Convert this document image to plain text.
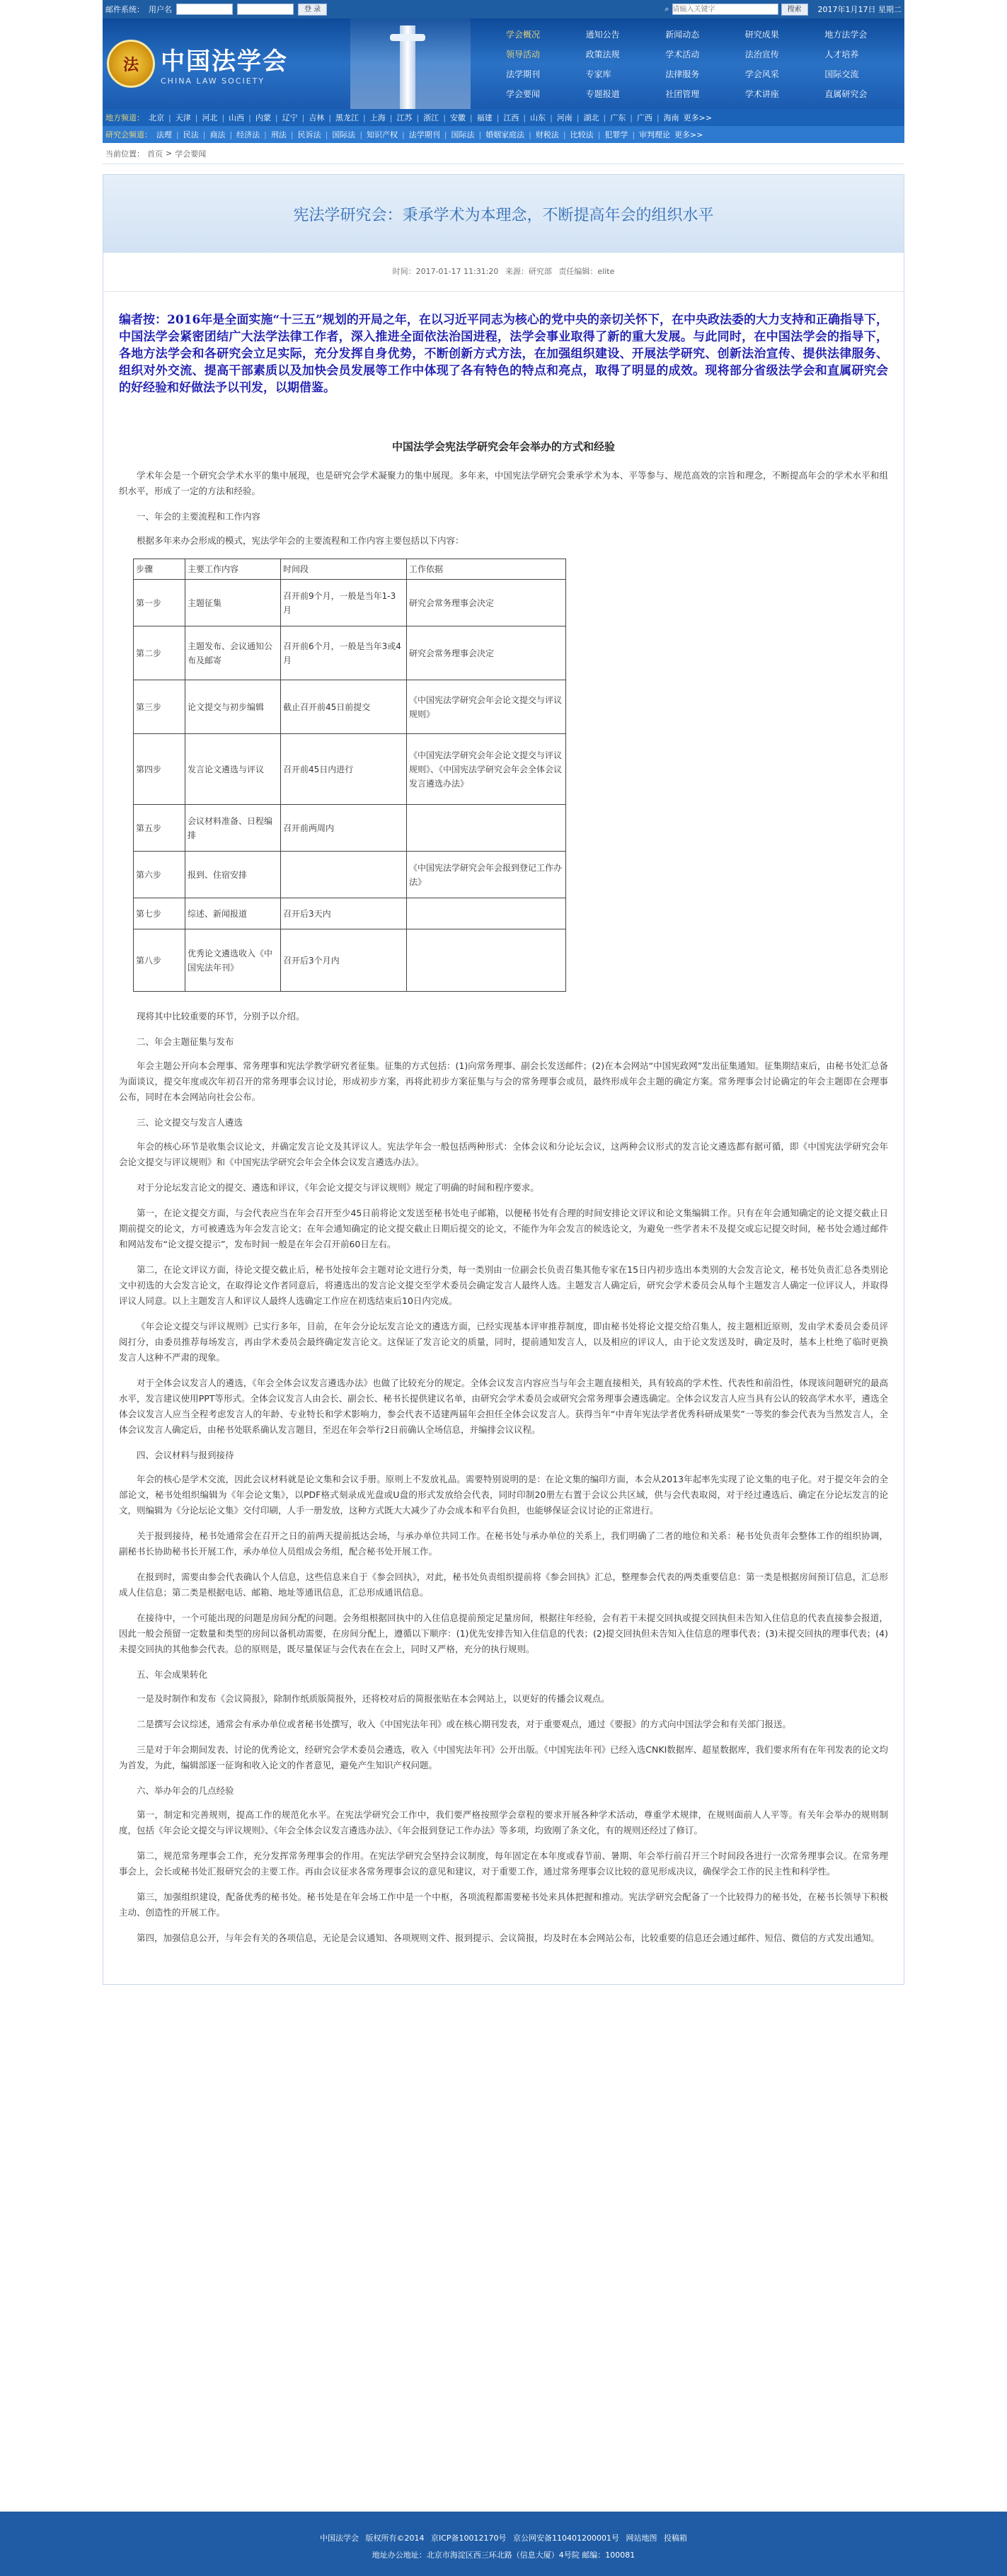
邮件系统： 用户名	登 录	⌕
请输入关键字	搜索	2017年1月17日 星期二
法 中国法学会
CHINA LAW SOCIETY
学会概况	通知公告	新闻动态	研究成果	地方法学会
领导活动	政策法规	学术活动	法治宣传	人才培养
法学期刊	专家库	法律服务	学会风采	国际交流
学会要闻	专题报道	社团管理	学术讲座	直属研究会
地方频道： 北京 | 天津 | 河北 | 山西 | 内蒙 | 辽宁 | 吉林 | 黑龙江 | 上海 | 江苏 | 浙江 | 安徽 | 福建 | 江西 | 山东 | 河南 | 湖北 | 广东 | 广西 | 海南 更多>>
研究会频道： 法理 | 民法 | 商法 | 经济法 | 刑法 | 民诉法 | 国际法 | 知识产权 | 法学期刊 | 国际法 | 婚姻家庭法 | 财税法 | 比较法 | 犯罪学 | 审判理论 更多>>
当前位置： 首页 > 学会要闻
宪法学研究会：秉承学术为本理念，不断提高年会的组织水平
时间：2017-01-17 11:31:20 来源：研究部 责任编辑：elite

编者按：2016年是全面实施“十三五”规划的开局之年，在以习近平同志为核心的党中央的亲切关怀下，在中央政法委的大力支持和正确指导下，中国法学会紧密团结广大法学法律工作者，深入推进全面依法治国进程，法学会事业取得了新的重大发展。与此同时，在中国法学会的指导下，各地方法学会和各研究会立足实际，充分发挥自身优势，不断创新方式方法，在加强组织建设、开展法学研究、创新法治宣传、提供法律服务、组织对外交流、提高干部素质以及加快会员发展等工作中体现了各有特色的特点和亮点，取得了明显的成效。现将部分省级法学会和直属研究会的好经验和好做法予以刊发，以期借鉴。

中国法学会宪法学研究会年会举办的方式和经验

学术年会是一个研究会学术水平的集中展现，也是研究会学术凝聚力的集中展现。多年来，中国宪法学研究会秉承学术为本、平等参与、规范高效的宗旨和理念，不断提高年会的学术水平和组织水平，形成了一定的方法和经验。

一、年会的主要流程和工作内容

根据多年来办会形成的模式，宪法学年会的主要流程和工作内容主要包括以下内容：

步骤	主要工作内容	时间段	工作依据
第一步	主题征集	召开前9个月，一般是当年1-3月	研究会常务理事会决定
第二步	主题发布、会议通知公布及邮寄	召开前6个月，一般是当年3或4月	研究会常务理事会决定
第三步	论文提交与初步编辑	截止召开前45日前提交	《中国宪法学研究会年会论文提交与评议规则》
第四步	发言论文遴选与评议	召开前45日内进行	《中国宪法学研究会年会论文提交与评议规则》、《中国宪法学研究会年会全体会议发言遴选办法》
第五步	会议材料准备、日程编排	召开前两周内	
第六步	报到、住宿安排		《中国宪法学研究会年会报到登记工作办法》
第七步	综述、新闻报道	召开后3天内	
第八步	优秀论文遴选收入《中国宪法年刊》	召开后3个月内	

现将其中比较重要的环节，分别予以介绍。

二、年会主题征集与发布

年会主题公开向本会理事、常务理事和宪法学教学研究者征集。征集的方式包括：(1)向常务理事、副会长发送邮件；(2)在本会网站“中国宪政网”发出征集通知。征集期结束后，由秘书处汇总备为面谈议，提交年度或次年初召开的常务理事会议讨论，形成初步方案，再将此初步方案征集与与会的常务理事会或员，最终形成年会主题的确定方案。常务理事会讨论确定的年会主题即在会理事公布，同时在本会网站向社会公布。

三、论文提交与发言人遴选

年会的核心环节是收集会议论文，并确定发言论文及其评议人。宪法学年会一般包括两种形式：全体会议和分论坛会议，这两种会议形式的发言论文遴选都有据可循，即《中国宪法学研究会年会论文提交与评议规则》和《中国宪法学研究会年会全体会议发言遴选办法》。

对于分论坛发言论文的提交、遴选和评议，《年会论文提交与评议规则》规定了明确的时间和程序要求。

第一，在论文提交方面，与会代表应当在年会召开至少45日前将论文发送至秘书处电子邮箱，以便秘书处有合理的时间安排论文评议和论文集编辑工作。只有在年会通知确定的论文提交截止日期前提交的论文，方可被遴选为年会发言论文；在年会通知确定的论文提交截止日期后提交的论文，不能作为年会发言的候选论文，为避免一些学者未不及提交或忘记提交时间，秘书处会通过邮件和网站发布“论文提交提示”，发布时间一般是在年会召开前60日左右。

第二，在论文评议方面，待论文提交截止后，秘书处按年会主题对论文进行分类，每一类别由一位副会长负责召集其他专家在15日内初步选出本类别的大会发言论文，秘书处负责汇总各类别论文中初选的大会发言论文，在取得论文作者同意后，将遴选出的发言论文提交至学术委员会确定发言人最终人选。主题发言人确定后，研究会学术委员会从每个主题发言人确定一位评议人，并取得评议人同意。以上主题发言人和评议人最终人选确定工作应在初选结束后10日内完成。

《年会论文提交与评议规则》已实行多年，目前，在年会分论坛发言论文的遴选方面，已经实现基本评审推荐制度，即由秘书处将论文提交给召集人，按主题相近原则，发由学术委员会委员评阅打分，由委员推荐每场发言，再由学术委员会最终确定发言论文。这保证了发言论文的质量，同时，提前通知发言人，以及相应的评议人，由于论文发送及时，确定及时，基本上杜绝了临时更换发言人这种不严肃的现象。

对于全体会议发言人的遴选，《年会全体会议发言遴选办法》也做了比较充分的规定。全体会议发言内容应当与年会主题直接相关，具有较高的学术性、代表性和前沿性，体现该问题研究的最高水平，发言建议使用PPT等形式。全体会议发言人由会长、副会长、秘书长提供建议名单，由研究会学术委员会或研究会常务理事会遴选确定。全体会议发言人应当具有公认的较高学术水平，遴选全体会议发言人应当全程考虑发言人的年龄、专业特长和学术影响力，参会代表不适建两届年会担任全体会议发言人。获得当年“中青年宪法学者优秀科研成果奖”一等奖的参会代表为当然发言人，全体会议发言人确定后，由秘书处联系确认发言题目，至迟在年会举行2日前确认全场信息，并编排会议议程。

四、会议材料与报到接待

年会的核心是学术交流，因此会议材料就是论文集和会议手册。原则上不发放礼品。需要特别说明的是：在论文集的编印方面，本会从2013年起率先实现了论文集的电子化。对于提交年会的全部论文，秘书处组织编辑为《年会论文集》，以PDF格式刻录成光盘或U盘的形式发放给会代表，同时印制20册左右置于会议公共区域，供与会代表取阅，对于经过遴选后、确定在分论坛发言的论文，则编辑为《分论坛论文集》交付印刷，人手一册发放，这种方式既大大减少了办会成本和平台负担，也能够保证会议讨论的正常进行。

关于报到接待，秘书处通常会在召开之日的前两天提前抵达会场，与承办单位共同工作。在秘书处与承办单位的关系上，我们明确了二者的地位和关系：秘书处负责年会整体工作的组织协调，副秘书长协助秘书长开展工作，承办单位人员组成会务组，配合秘书处开展工作。

在报到时，需要由参会代表确认个人信息，这些信息来自于《参会回执》，对此，秘书处负责组织提前将《参会回执》汇总，整理参会代表的两类重要信息：第一类是根据房间预订信息，汇总形成人住信息；第二类是根据电话、邮箱、地址等通讯信息，汇总形成通讯信息。

在接待中，一个可能出现的问题是房间分配的问题。会务组根据回执中的入住信息提前预定足量房间，根据往年经验，会有若干未提交回执或提交回执但未告知入住信息的代表直接参会报道，因此一般会预留一定数量和类型的房间以备机动需要，在房间分配上，遵循以下顺序：(1)优先安排告知入住信息的代表；(2)提交回执但未告知入住信息的理事代表；(3)未提交回执的理事代表；(4)未提交回执的其他参会代表。总的原则是，既尽量保证与会代表在在会上，同时又严格，充分的执行规则。

五、年会成果转化

一是及时制作和发布《会议简报》，除制作纸质版简报外，还将校对后的简报张贴在本会网站上，以更好的传播会议观点。

二是撰写会议综述，通常会有承办单位或者秘书处撰写，收入《中国宪法年刊》或在核心期刊发表，对于重要观点，通过《要报》的方式向中国法学会和有关部门报送。

三是对于年会期间发表、讨论的优秀论文，经研究会学术委员会遴选，收入《中国宪法年刊》公开出版。《中国宪法年刊》已经入选CNKI数据库、超星数据库，我们要求所有在年刊发表的论文均为首发，为此，编辑部逐一征询和收入论文的作者意见，避免产生知识产权问题。

六、举办年会的几点经验

第一，制定和完善规则，提高工作的规范化水平。在宪法学研究会工作中，我们要严格按照学会章程的要求开展各种学术活动，尊重学术规律，在规则面前人人平等。有关年会举办的规则制度，包括《年会论文提交与评议规则》、《年会全体会议发言遴选办法》、《年会报到登记工作办法》等多项，均致刚了条文化，有的规则还经过了修订。

第二，规范常务理事会工作，充分发挥常务理事会的作用。在宪法学研究会坚持会议制度，每年固定在本年度或春节前、暑期、年会举行前召开三个时间段各进行一次常务理事会议。在常务理事会上，会长或秘书处汇报研究会的主要工作。再由会议征求各常务理事会议的意见和建议，对于重要工作，通过常务理事会议比较的意见形成决议，确保学会工作的民主性和科学性。

第三，加强组织建设，配备优秀的秘书处。秘书处是在年会场工作中是一个中枢，各项流程都需要秘书处来具体把握和推动。宪法学研究会配备了一个比较得力的秘书处，在秘书长领导下积极主动、创造性的开展工作。

第四，加强信息公开，与年会有关的各项信息，无论是会议通知、各项规则文件、报到提示、会议简报，均及时在本会网站公布，比较重要的信息还会通过邮件、短信、微信的方式发出通知。

中国法学会 版权所有©2014 京ICP备10012170号 京公网安备110401200001号 网站地图 投稿箱
地址办公地址：北京市海淀区西三环北路（信息大厦）4号院 邮编：100081
